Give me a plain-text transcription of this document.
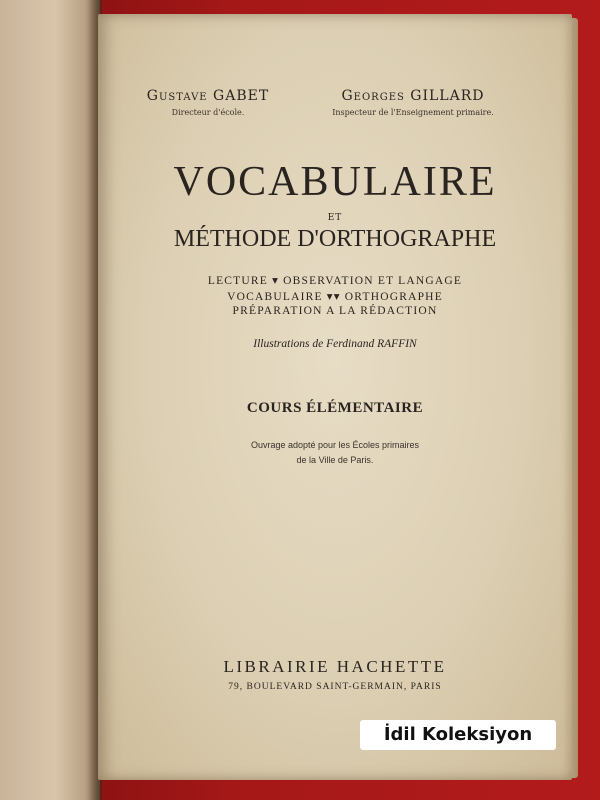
Gustave GABET
Directeur d'école.
Georges GILLARD
Inspecteur de l'Enseignement primaire.
VOCABULAIRE
ET
MÉTHODE D'ORTHOGRAPHE
LECTURE ▾ OBSERVATION ET LANGAGE
VOCABULAIRE ▾▾ ORTHOGRAPHE
PRÉPARATION A LA RÉDACTION
Illustrations de Ferdinand RAFFIN
COURS ÉLÉMENTAIRE
Ouvrage adopté pour les Écoles primaires
de la Ville de Paris.
LIBRAIRIE HACHETTE
79, BOULEVARD SAINT-GERMAIN, PARIS
İdil Koleksiyon
